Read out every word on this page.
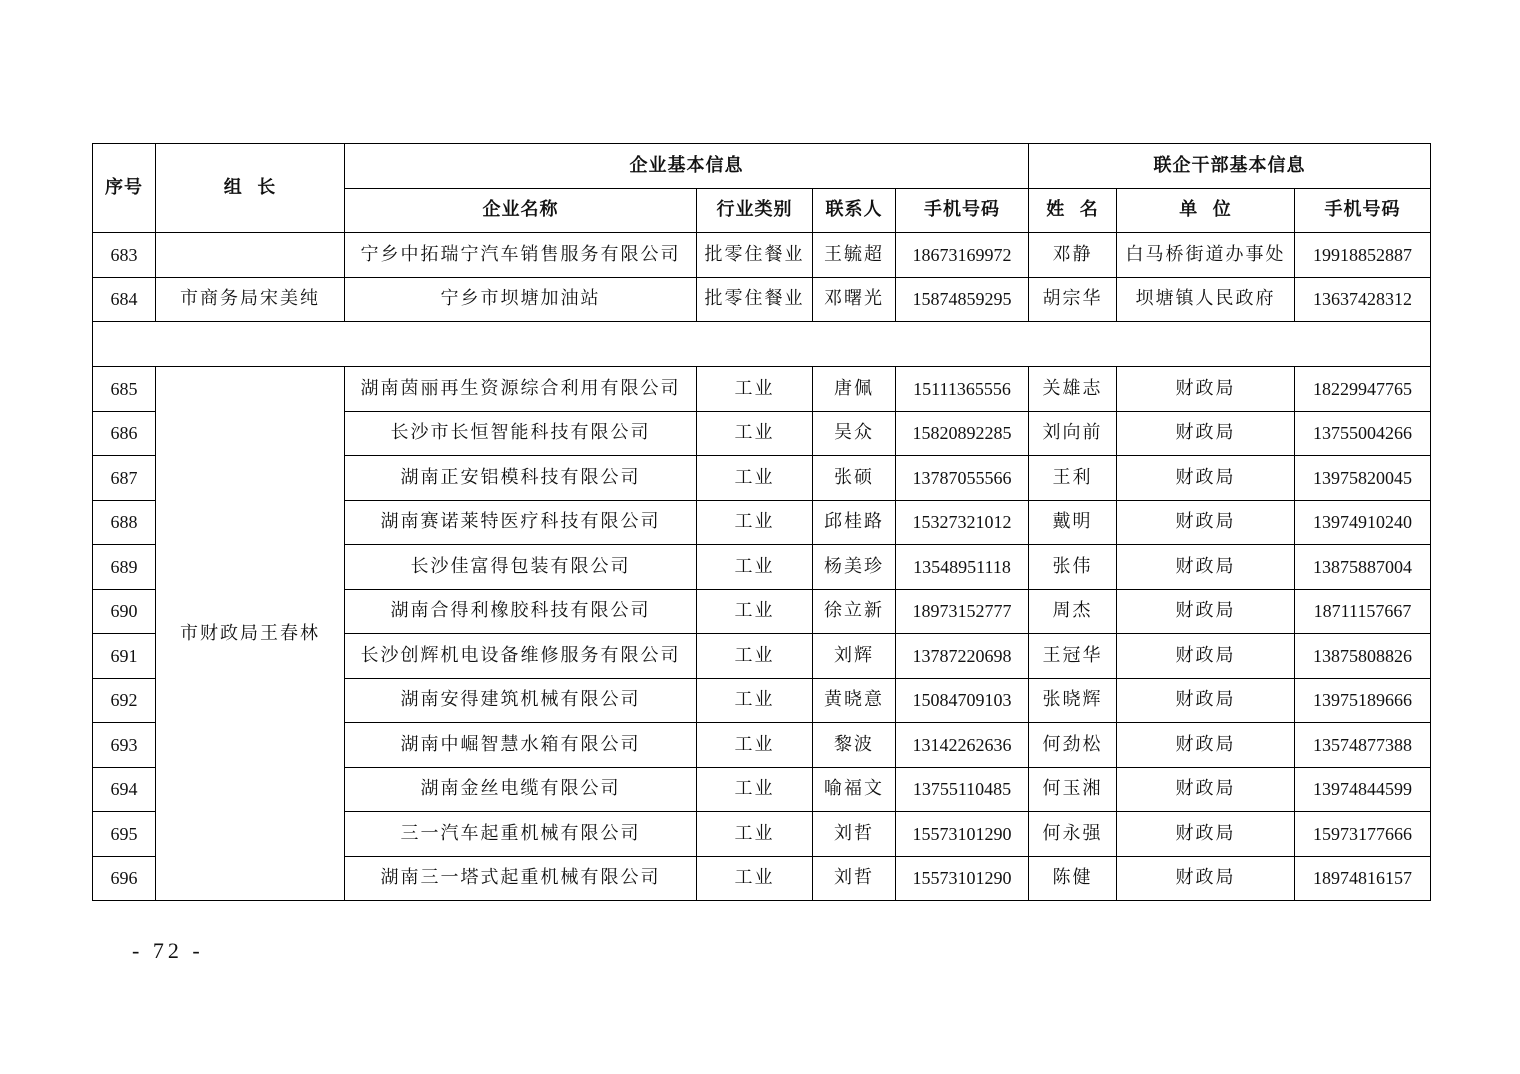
序号	组  长	企业基本信息				联企干部基本信息		
		企业名称	行业类别	联系人	手机号码	姓  名	单  位	手机号码
683		宁乡中拓瑞宁汽车销售服务有限公司	批零住餐业	王毓超	18673169972	邓静	白马桥街道办事处	19918852887
684	市商务局宋美纯	宁乡市坝塘加油站	批零住餐业	邓曙光	15874859295	胡宗华	坝塘镇人民政府	13637428312

685	市财政局王春林	湖南茵丽再生资源综合利用有限公司	工业	唐佩	15111365556	关雄志	财政局	18229947765
686		长沙市长恒智能科技有限公司	工业	吴众	15820892285	刘向前	财政局	13755004266
687		湖南正安铝模科技有限公司	工业	张硕	13787055566	王利	财政局	13975820045
688		湖南赛诺莱特医疗科技有限公司	工业	邱桂路	15327321012	戴明	财政局	13974910240
689		长沙佳富得包装有限公司	工业	杨美珍	13548951118	张伟	财政局	13875887004
690		湖南合得利橡胶科技有限公司	工业	徐立新	18973152777	周杰	财政局	18711157667
691		长沙创辉机电设备维修服务有限公司	工业	刘辉	13787220698	王冠华	财政局	13875808826
692		湖南安得建筑机械有限公司	工业	黄晓意	15084709103	张晓辉	财政局	13975189666
693		湖南中崛智慧水箱有限公司	工业	黎波	13142262636	何劲松	财政局	13574877388
694		湖南金丝电缆有限公司	工业	喻福文	13755110485	何玉湘	财政局	13974844599
695		三一汽车起重机械有限公司	工业	刘哲	15573101290	何永强	财政局	15973177666
696		湖南三一塔式起重机械有限公司	工业	刘哲	15573101290	陈健	财政局	18974816157
- 72 -
